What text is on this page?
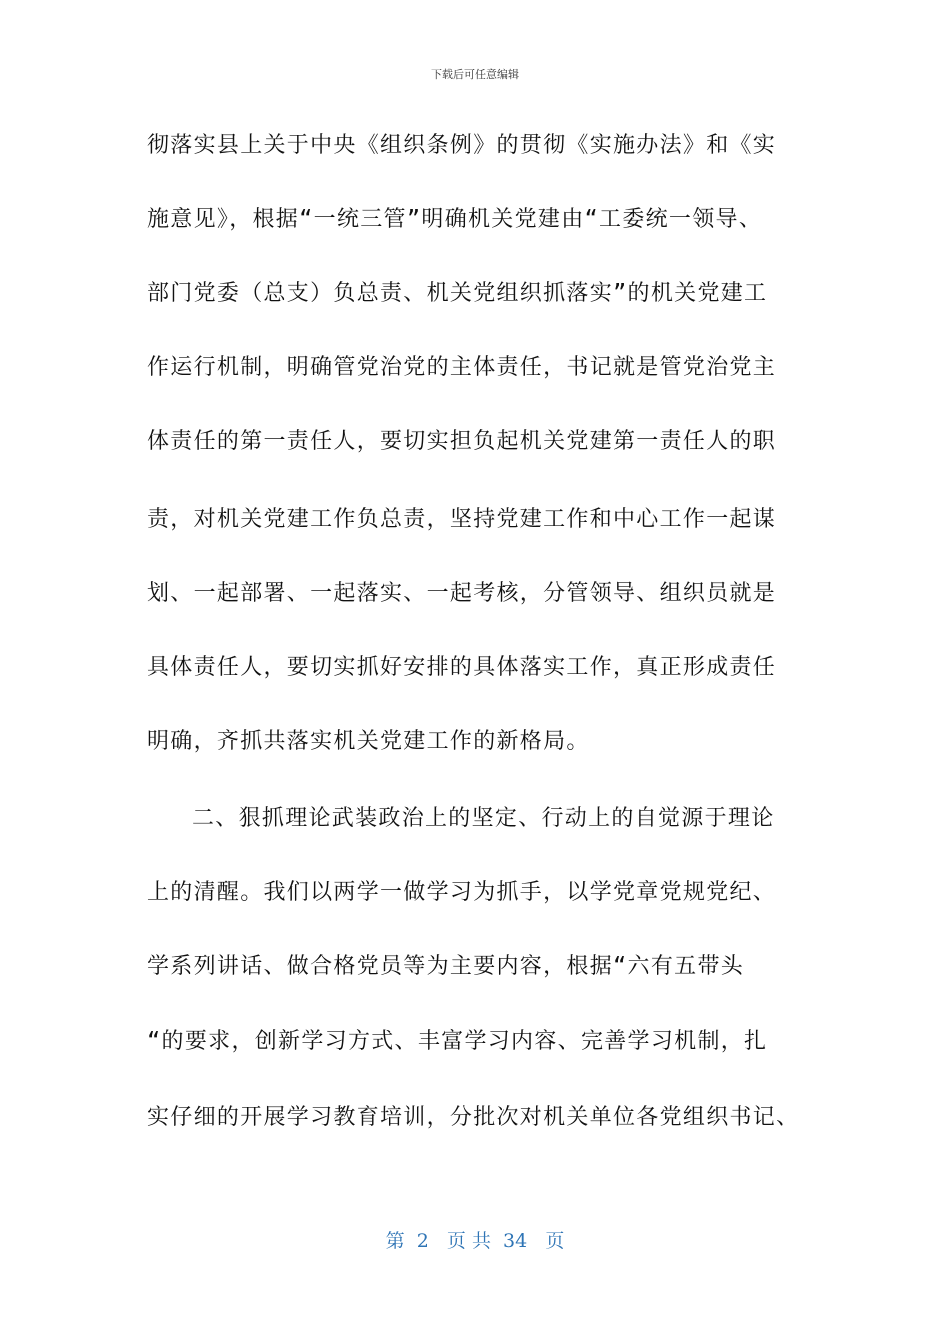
下载后可任意编辑
彻落实县上关于中央《组织条例》的贯彻《实施办法》和《实
施意见》，根据“一统三管”明确机关党建由“工委统一领导、
部门党委（总支）负总责、机关党组织抓落实”的机关党建工
作运行机制，明确管党治党的主体责任，书记就是管党治党主
体责任的第一责任人，要切实担负起机关党建第一责任人的职
责，对机关党建工作负总责，坚持党建工作和中心工作一起谋
划、一起部署、一起落实、一起考核，分管领导、组织员就是
具体责任人，要切实抓好安排的具体落实工作，真正形成责任
明确，齐抓共落实机关党建工作的新格局。
二、狠抓理论武装政治上的坚定、行动上的自觉源于理论
上的清醒。我们以两学一做学习为抓手，以学党章党规党纪、
学系列讲话、做合格党员等为主要内容，根据“六有五带头
“的要求，创新学习方式、丰富学习内容、完善学习机制，扎
实仔细的开展学习教育培训，分批次对机关单位各党组织书记、
第  2   页 共  34   页
